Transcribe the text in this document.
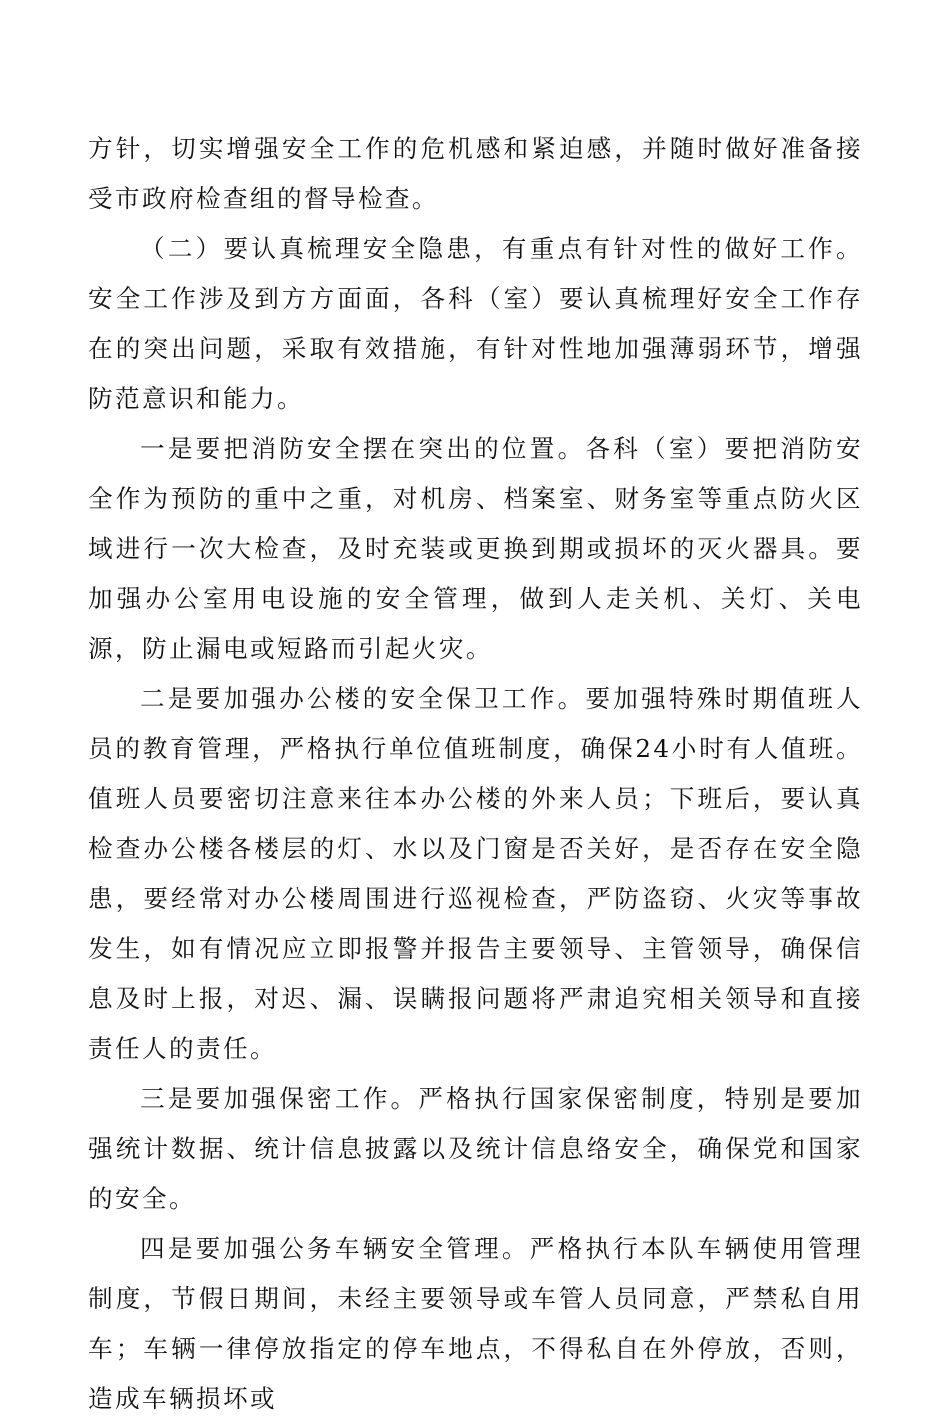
方针，切实增强安全工作的危机感和紧迫感，并随时做好准备接受市政府检查组的督导检查。

（二）要认真梳理安全隐患，有重点有针对性的做好工作。安全工作涉及到方方面面，各科（室）要认真梳理好安全工作存在的突出问题，采取有效措施，有针对性地加强薄弱环节，增强防范意识和能力。

一是要把消防安全摆在突出的位置。各科（室）要把消防安全作为预防的重中之重，对机房、档案室、财务室等重点防火区域进行一次大检查，及时充装或更换到期或损坏的灭火器具。要加强办公室用电设施的安全管理，做到人走关机、关灯、关电源，防止漏电或短路而引起火灾。

二是要加强办公楼的安全保卫工作。要加强特殊时期值班人员的教育管理，严格执行单位值班制度，确保24小时有人值班。值班人员要密切注意来往本办公楼的外来人员；下班后，要认真检查办公楼各楼层的灯、水以及门窗是否关好，是否存在安全隐患，要经常对办公楼周围进行巡视检查，严防盗窃、火灾等事故发生，如有情况应立即报警并报告主要领导、主管领导，确保信息及时上报，对迟、漏、误瞒报问题将严肃追究相关领导和直接责任人的责任。

三是要加强保密工作。严格执行国家保密制度，特别是要加强统计数据、统计信息披露以及统计信息络安全，确保党和国家的安全。

四是要加强公务车辆安全管理。严格执行本队车辆使用管理制度，节假日期间，未经主要领导或车管人员同意，严禁私自用车；车辆一律停放指定的停车地点，不得私自在外停放，否则，造成车辆损坏或
